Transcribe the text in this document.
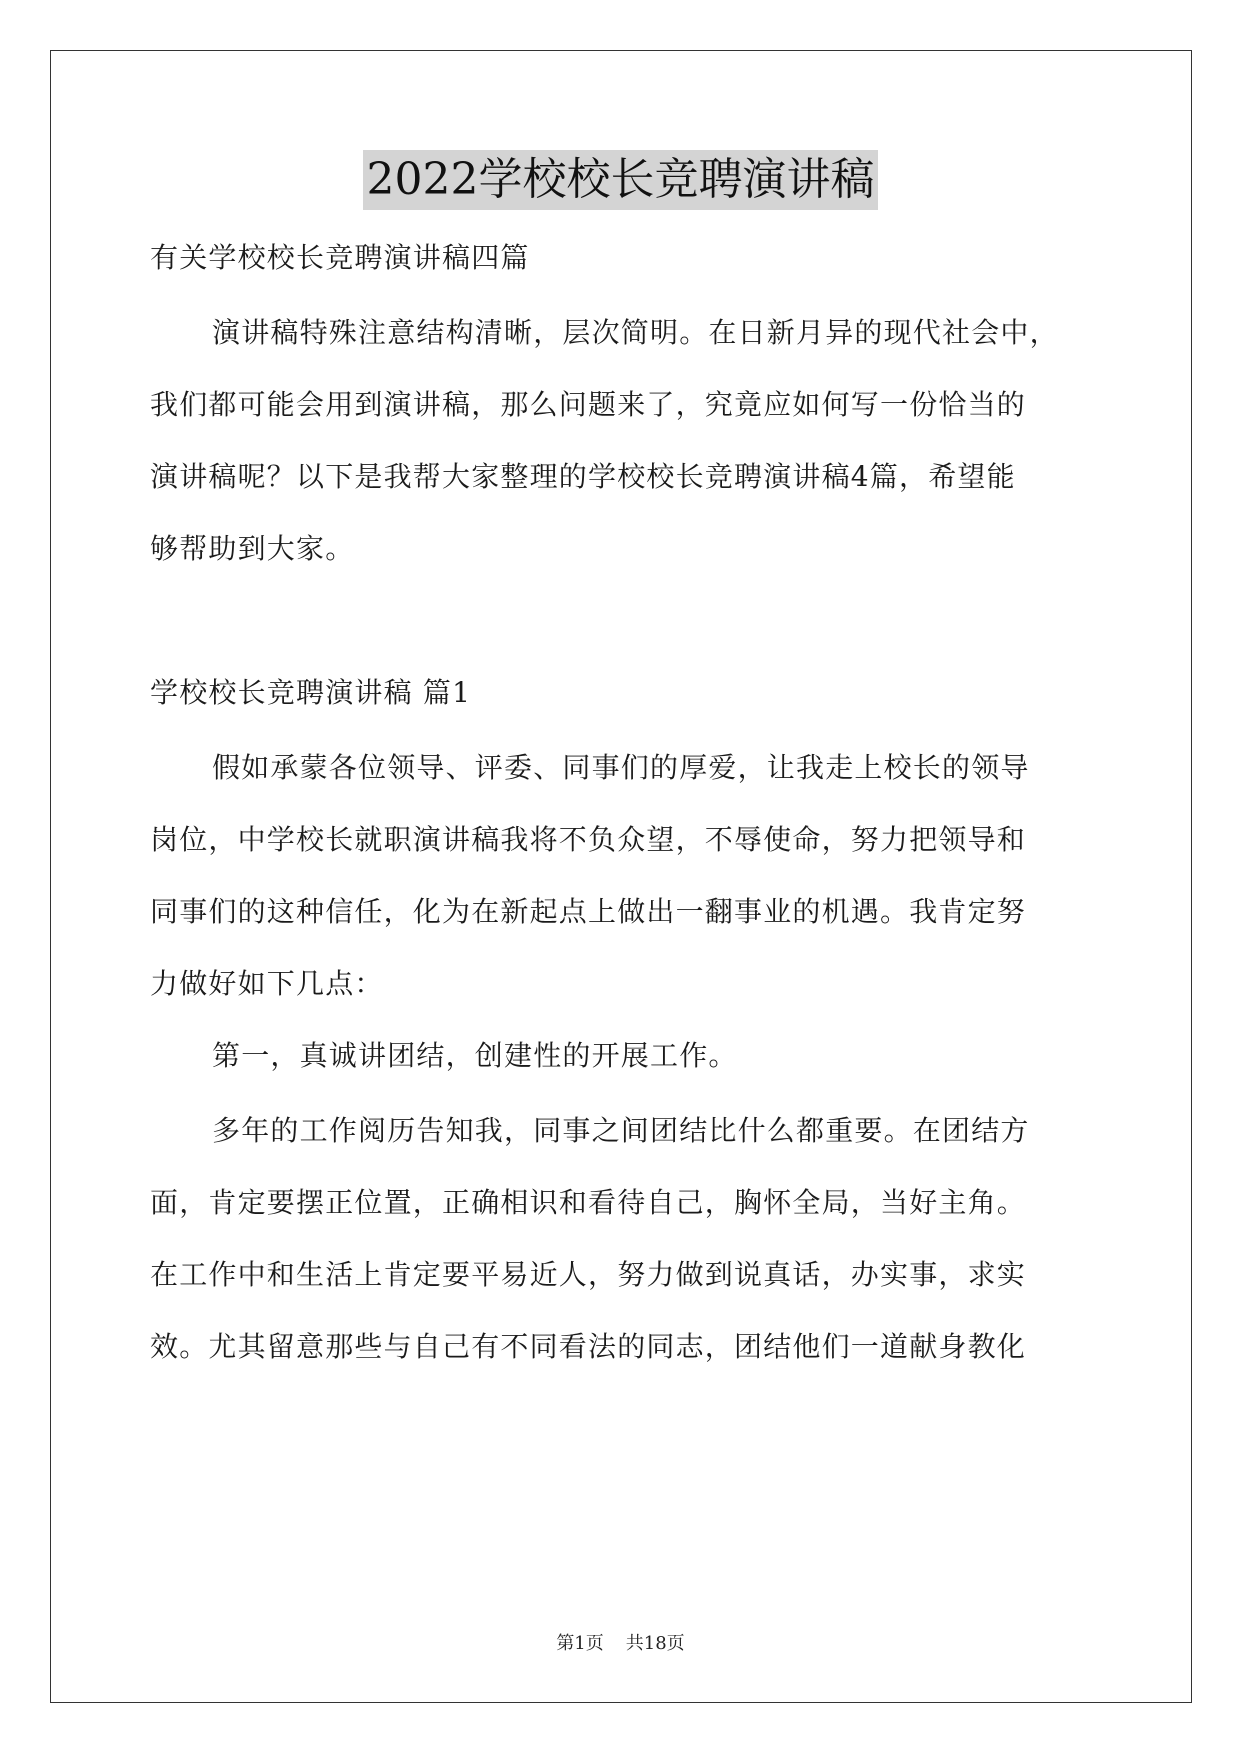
2022学校校长竞聘演讲稿

有关学校校长竞聘演讲稿四篇

演讲稿特殊注意结构清晰，层次简明。在日新月异的现代社会中，

我们都可能会用到演讲稿，那么问题来了，究竟应如何写一份恰当的

演讲稿呢？以下是我帮大家整理的学校校长竞聘演讲稿4篇，希望能

够帮助到大家。

学校校长竞聘演讲稿 篇1

假如承蒙各位领导、评委、同事们的厚爱，让我走上校长的领导

岗位，中学校长就职演讲稿我将不负众望，不辱使命，努力把领导和

同事们的这种信任，化为在新起点上做出一翻事业的机遇。我肯定努

力做好如下几点：

第一，真诚讲团结，创建性的开展工作。

多年的工作阅历告知我，同事之间团结比什么都重要。在团结方

面，肯定要摆正位置，正确相识和看待自己，胸怀全局，当好主角。

在工作中和生活上肯定要平易近人，努力做到说真话，办实事，求实

效。尤其留意那些与自己有不同看法的同志，团结他们一道献身教化

第1页 共18页
